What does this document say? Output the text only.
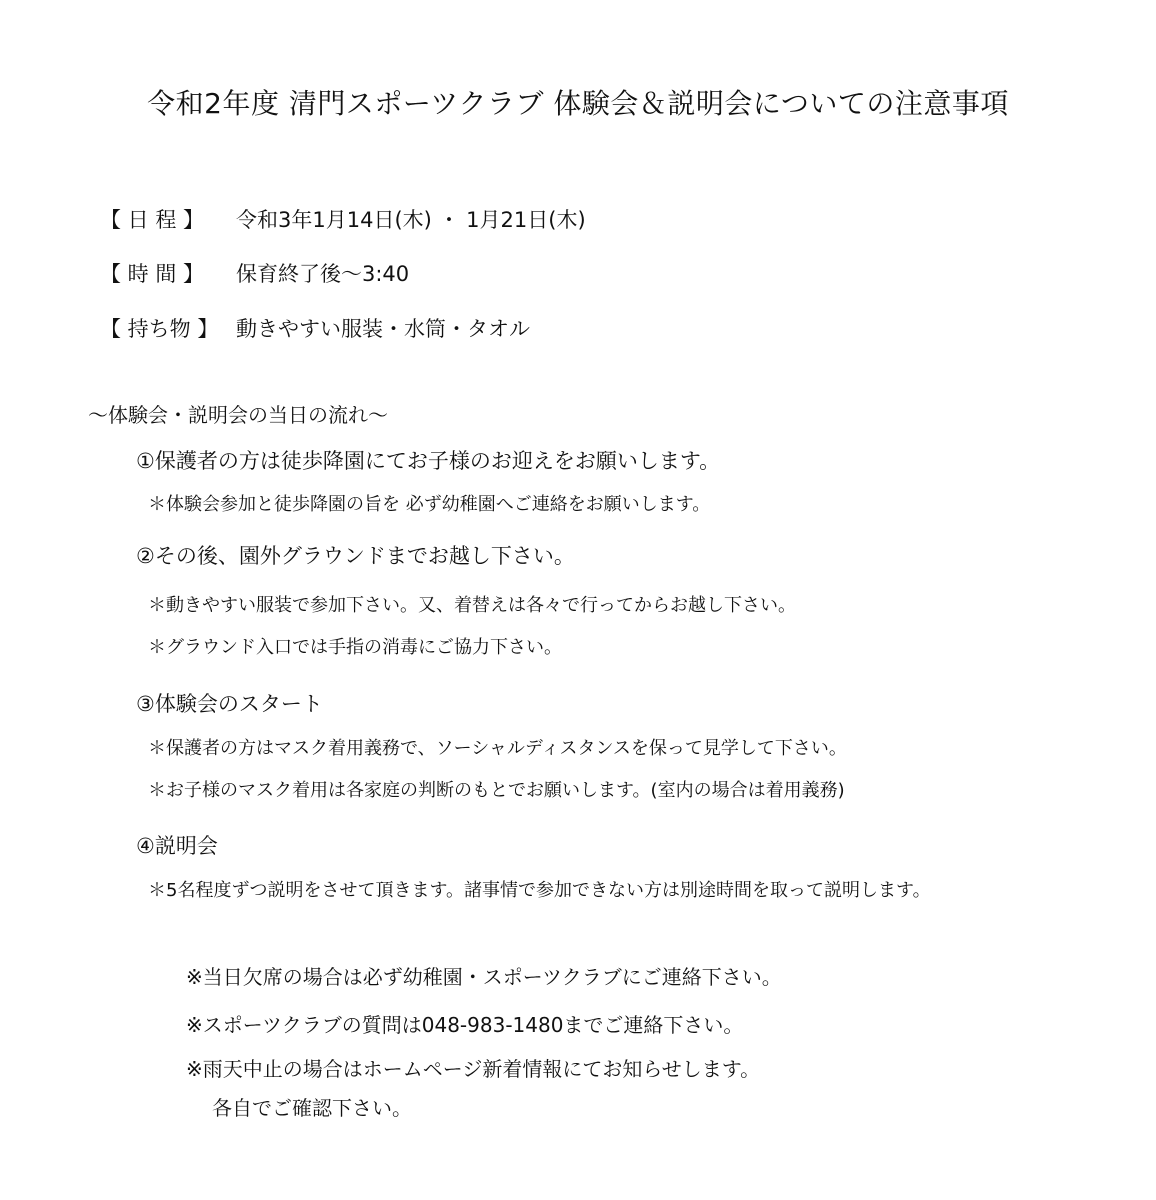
令和2年度 清門スポーツクラブ 体験会＆説明会についての注意事項
【 日 程 】 令和3年1月14日(木) ・ 1月21日(木)
【 時 間 】 保育終了後～3:40
【 持ち物 】 動きやすい服装・水筒・タオル
～体験会・説明会の当日の流れ～
①保護者の方は徒歩降園にてお子様のお迎えをお願いします。
＊体験会参加と徒歩降園の旨を 必ず幼稚園へご連絡をお願いします。
②その後、園外グラウンドまでお越し下さい。
＊動きやすい服装で参加下さい。又、着替えは各々で行ってからお越し下さい。
＊グラウンド入口では手指の消毒にご協力下さい。
③体験会のスタート
＊保護者の方はマスク着用義務で、ソーシャルディスタンスを保って見学して下さい。
＊お子様のマスク着用は各家庭の判断のもとでお願いします。(室内の場合は着用義務)
④説明会
＊5名程度ずつ説明をさせて頂きます。諸事情で参加できない方は別途時間を取って説明します。
※当日欠席の場合は必ず幼稚園・スポーツクラブにご連絡下さい。
※スポーツクラブの質問は048-983-1480までご連絡下さい。
※雨天中止の場合はホームページ新着情報にてお知らせします。
各自でご確認下さい。
